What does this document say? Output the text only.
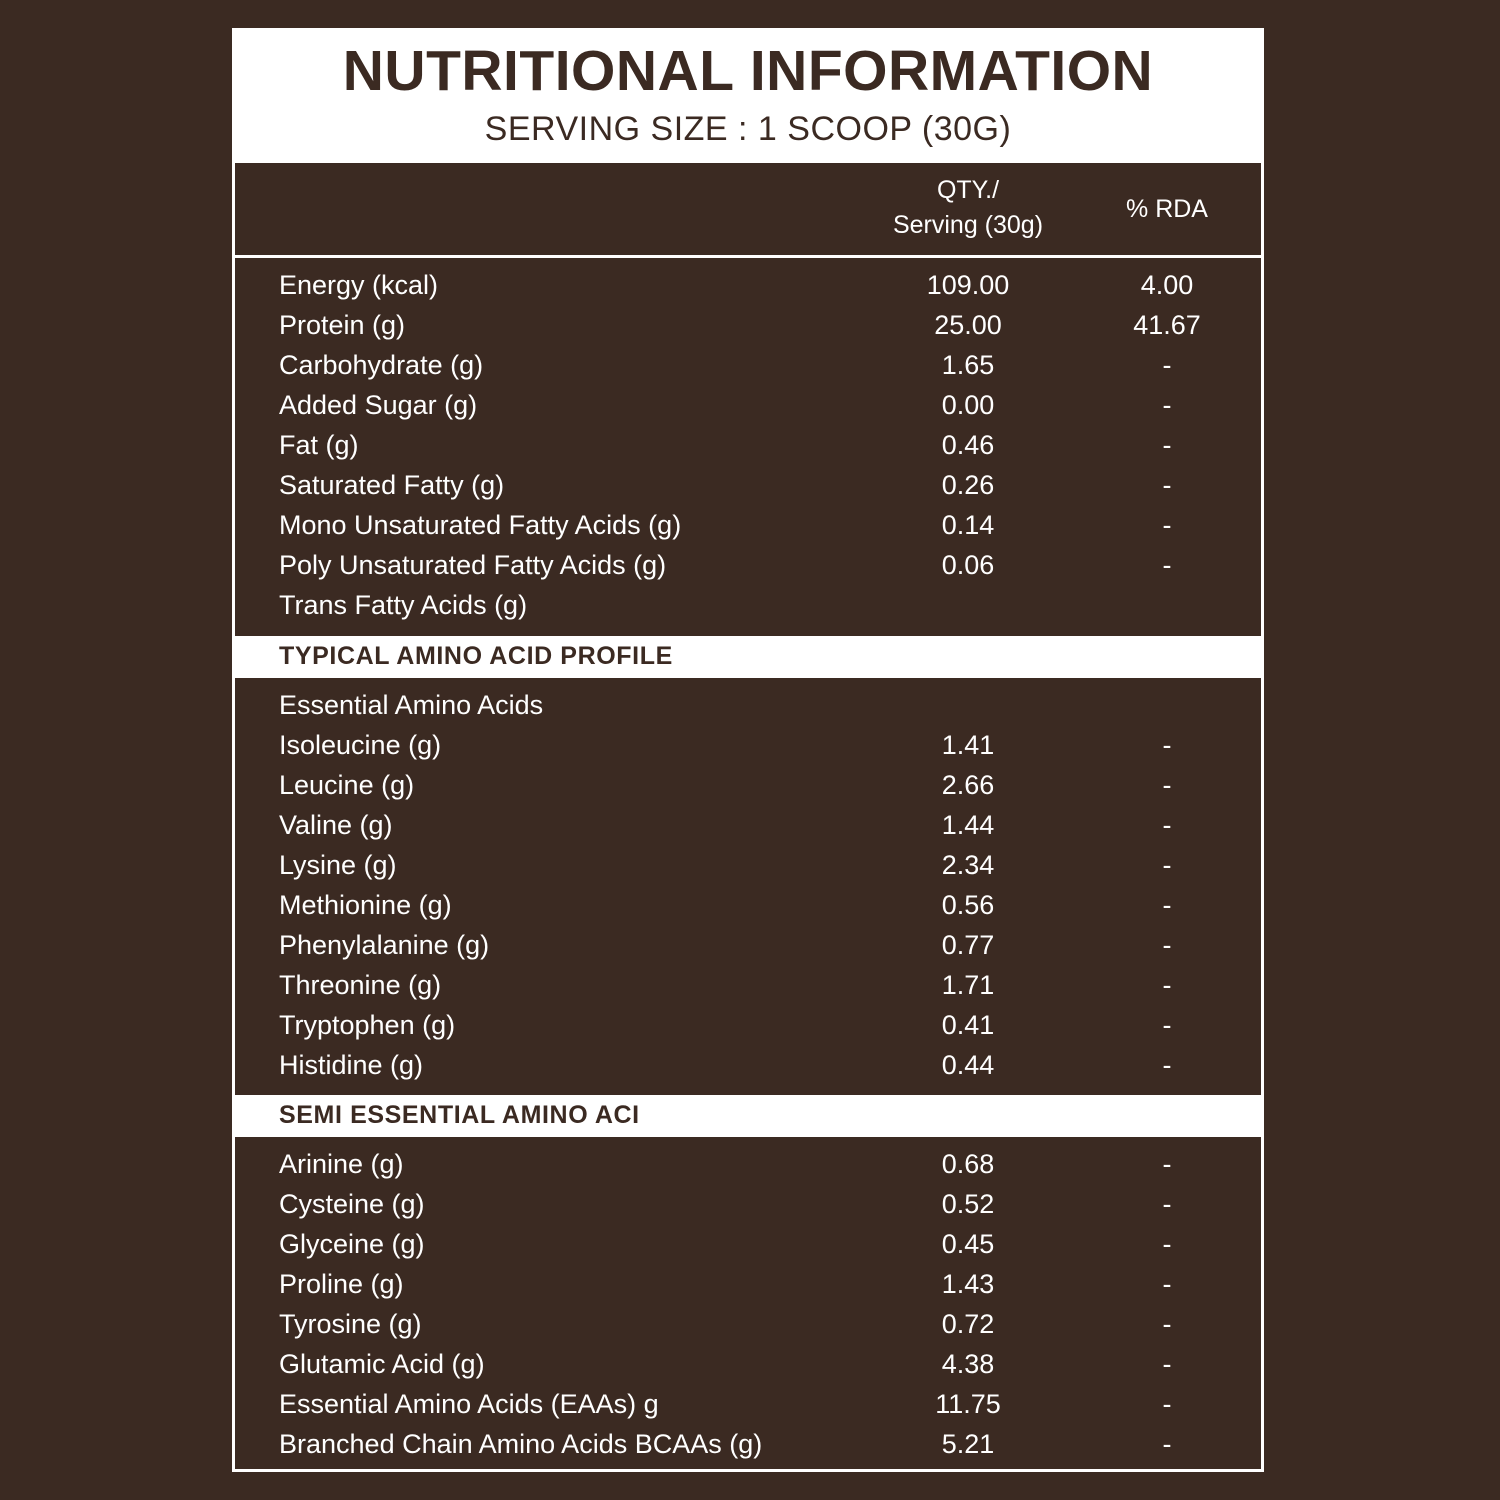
NUTRITIONAL INFORMATION
SERVING SIZE : 1 SCOOP (30G)
QTY./
Serving (30g)
% RDA
Energy (kcal)	109.00	4.00
Protein (g)	25.00	41.67
Carbohydrate (g)	1.65	-
Added Sugar (g)	0.00	-
Fat (g)	0.46	-
Saturated Fatty (g)	0.26	-
Mono Unsaturated Fatty Acids (g)	0.14	-
Poly Unsaturated Fatty Acids (g)	0.06	-
Trans Fatty Acids (g)
TYPICAL AMINO ACID PROFILE
Essential Amino Acids
Isoleucine (g)	1.41	-
Leucine (g)	2.66	-
Valine (g)	1.44	-
Lysine (g)	2.34	-
Methionine (g)	0.56	-
Phenylalanine (g)	0.77	-
Threonine (g)	1.71	-
Tryptophen (g)	0.41	-
Histidine (g)	0.44	-
SEMI ESSENTIAL AMINO ACI
Arinine (g)	0.68	-
Cysteine (g)	0.52	-
Glyceine (g)	0.45	-
Proline (g)	1.43	-
Tyrosine (g)	0.72	-
Glutamic Acid (g)	4.38	-
Essential Amino Acids (EAAs) g	11.75	-
Branched Chain Amino Acids BCAAs (g)	5.21	-
